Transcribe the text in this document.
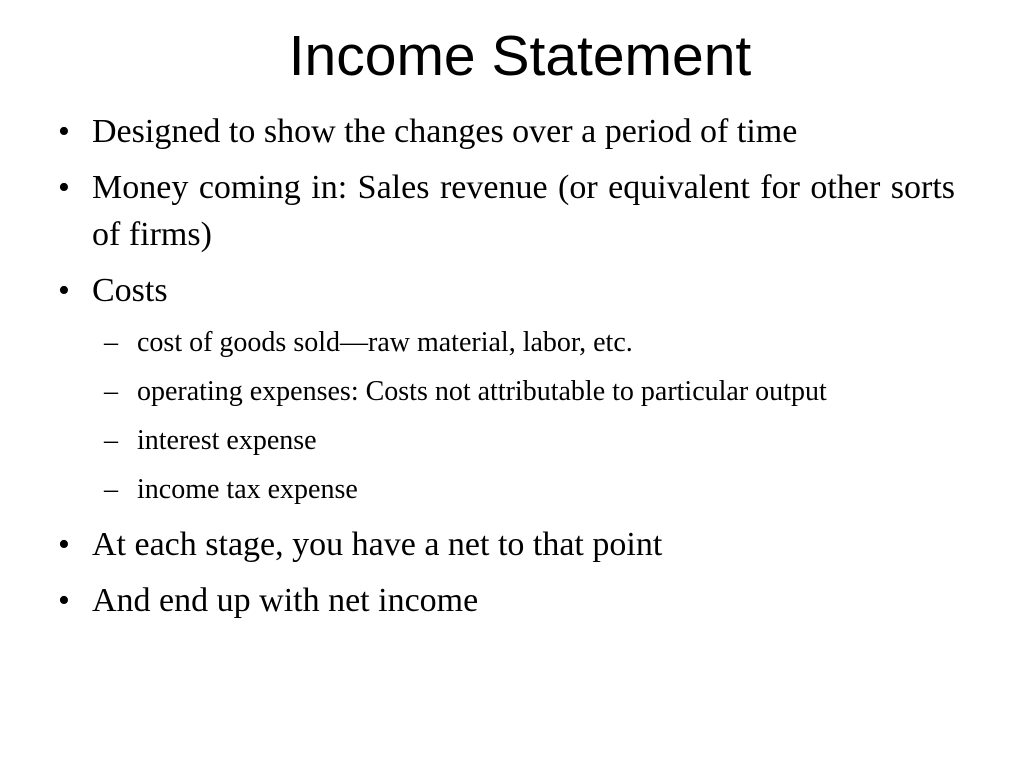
Income Statement
• Designed to show the changes over a period of time
• Money coming in: Sales revenue (or equivalent for other sorts of firms)
• Costs
– cost of goods sold—raw material, labor, etc.
– operating expenses: Costs not attributable to particular output
– interest expense
– income tax expense
• At each stage, you have a net to that point
• And end up with net income
